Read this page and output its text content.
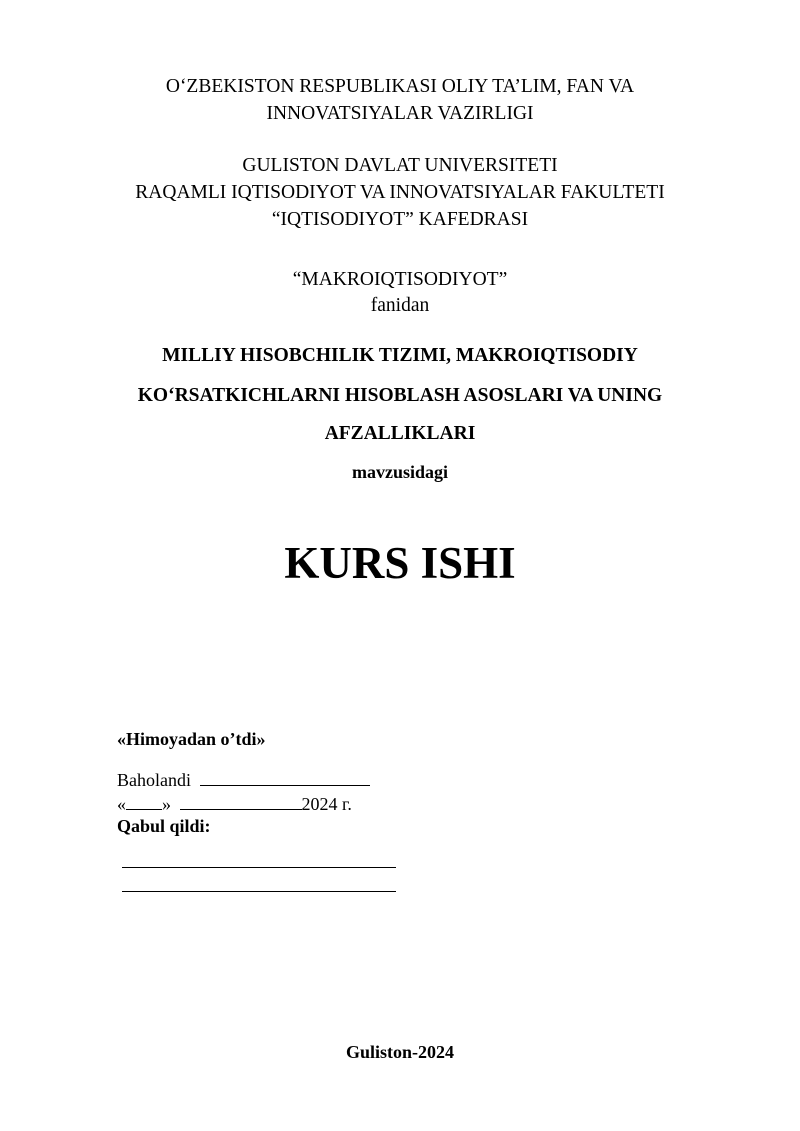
O‘ZBEKISTON RESPUBLIKASI OLIY TA’LIM, FAN VA
INNOVATSIYALAR VAZIRLIGI
GULISTON DAVLAT UNIVERSITETI
RAQAMLI IQTISODIYOT VA INNOVATSIYALAR FAKULTETI
“IQTISODIYOT” KAFEDRASI
“MAKROIQTISODIYOT”
fanidan
MILLIY HISOBCHILIK TIZIMI, MAKROIQTISODIY
KO‘RSATKICHLARNI HISOBLASH ASOSLARI VA UNING
AFZALLIKLARI
mavzusidagi
KURS ISHI
«Himoyadan o’tdi»
Baholandi
« »	2024 г.
Qabul qildi:
Guliston-2024
